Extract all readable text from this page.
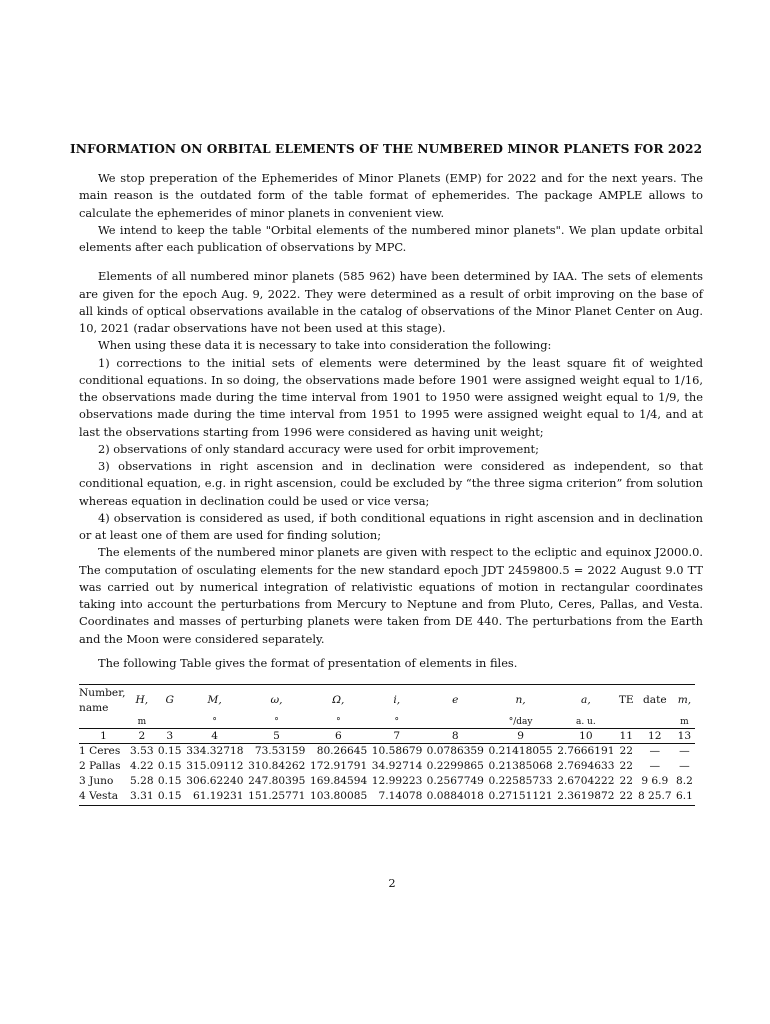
INFORMATION ON ORBITAL ELEMENTS OF THE NUMBERED MINOR PLANETS FOR 2022

We stop preperation of the Ephemerides of Minor Planets (EMP) for 2022 and for the next years. The main reason is the outdated form of the table format of ephemerides. The package AMPLE allows to calculate the ephemerides of minor planets in convenient view.

We intend to keep the table "Orbital elements of the numbered minor planets". We plan update orbital elements after each publication of observations by MPC.

Elements of all numbered minor planets (585 962) have been determined by IAA. The sets of elements are given for the epoch Aug. 9, 2022. They were determined as a result of orbit improving on the base of all kinds of optical observations available in the catalog of observations of the Minor Planet Center on Aug. 10, 2021 (radar observations have not been used at this stage).

When using these data it is necessary to take into consideration the following:

1) corrections to the initial sets of elements were determined by the least square fit of weighted conditional equations. In so doing, the observations made before 1901 were assigned weight equal to 1/16, the observations made during the time interval from 1901 to 1950 were assigned weight equal to 1/9, the observations made during the time interval from 1951 to 1995 were assigned weight equal to 1/4, and at last the observations starting from 1996 were considered as having unit weight;

2) observations of only standard accuracy were used for orbit improvement;

3) observations in right ascension and in declination were considered as independent, so that conditional equation, e.g. in right ascension, could be excluded by “the three sigma criterion” from solution whereas equation in declination could be used or vice versa;

4) observation is considered as used, if both conditional equations in right ascension and in declination or at least one of them are used for finding solution;

The elements of the numbered minor planets are given with respect to the ecliptic and equinox J2000.0. The computation of osculating elements for the new standard epoch JDT 2459800.5 = 2022 August 9.0 TT was carried out by numerical integration of relativistic equations of motion in rectangular coordinates taking into account the perturbations from Mercury to Neptune and from Pluto, Ceres, Pallas, and Vesta. Coordinates and masses of perturbing planets were taken from DE 440. The perturbations from the Earth and the Moon were considered separately.

The following Table gives the format of presentation of elements in files.
Number,
name	H,	G	M,	ω,	Ω,	i,	e	n,	a,	TE	date	m,
	m		°	°	°	°		°/day	a. u.			m
1	2	3	4	5	6	7	8	9	10	11	12	13
1 Ceres	3.53	0.15	334.32718	73.53159	80.26645	10.58679	0.0786359	0.21418055	2.7666191	22	—	—
2 Pallas	4.22	0.15	315.09112	310.84262	172.91791	34.92714	0.2299865	0.21385068	2.7694633	22	—	—
3 Juno	5.28	0.15	306.62240	247.80395	169.84594	12.99223	0.2567749	0.22585733	2.6704222	22	9 6.9	8.2
4 Vesta	3.31	0.15	61.19231	151.25771	103.80085	7.14078	0.0884018	0.27151121	2.3619872	22	8 25.7	6.1
2
